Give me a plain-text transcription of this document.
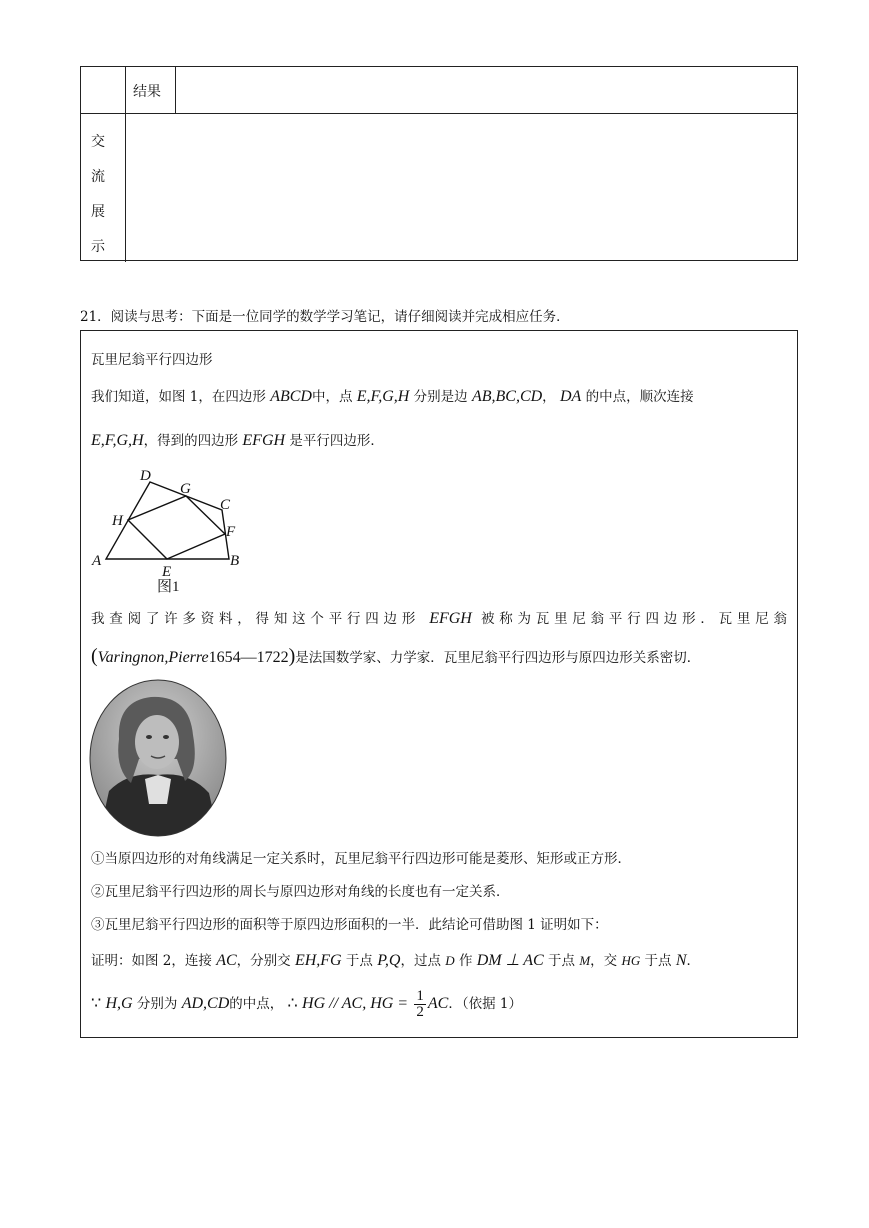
结果
交
流
展
示
21．阅读与思考：下面是一位同学的数学学习笔记，请仔细阅读并完成相应任务．
瓦里尼翁平行四边形
我们知道，如图 1，在四边形 ABCD中，点 E,F,G,H 分别是边 AB,BC,CD， DA 的中点，顺次连接
E,F,G,H，得到的四边形 EFGH 是平行四边形．
A	B
C
D
E
F
G
H
图1
我查阅了许多资料，得知这个平行四边形 EFGH 被称为瓦里尼翁平行四边形．瓦里尼翁
(Varingnon,Pierre1654—1722)是法国数学家、力学家．瓦里尼翁平行四边形与原四边形关系密切．
①当原四边形的对角线满足一定关系时，瓦里尼翁平行四边形可能是菱形、矩形或正方形．
②瓦里尼翁平行四边形的周长与原四边形对角线的长度也有一定关系．
③瓦里尼翁平行四边形的面积等于原四边形面积的一半．此结论可借助图 1 证明如下：
证明：如图 2，连接 AC，分别交 EH,FG 于点 P,Q，过点 D 作 DM ⊥ AC 于点 M，交 HG 于点 N．
∵ H,G 分别为 AD,CD的中点， ∴ HG // AC, HG = $\frac{1}{2}$ AC．（依据 1）
